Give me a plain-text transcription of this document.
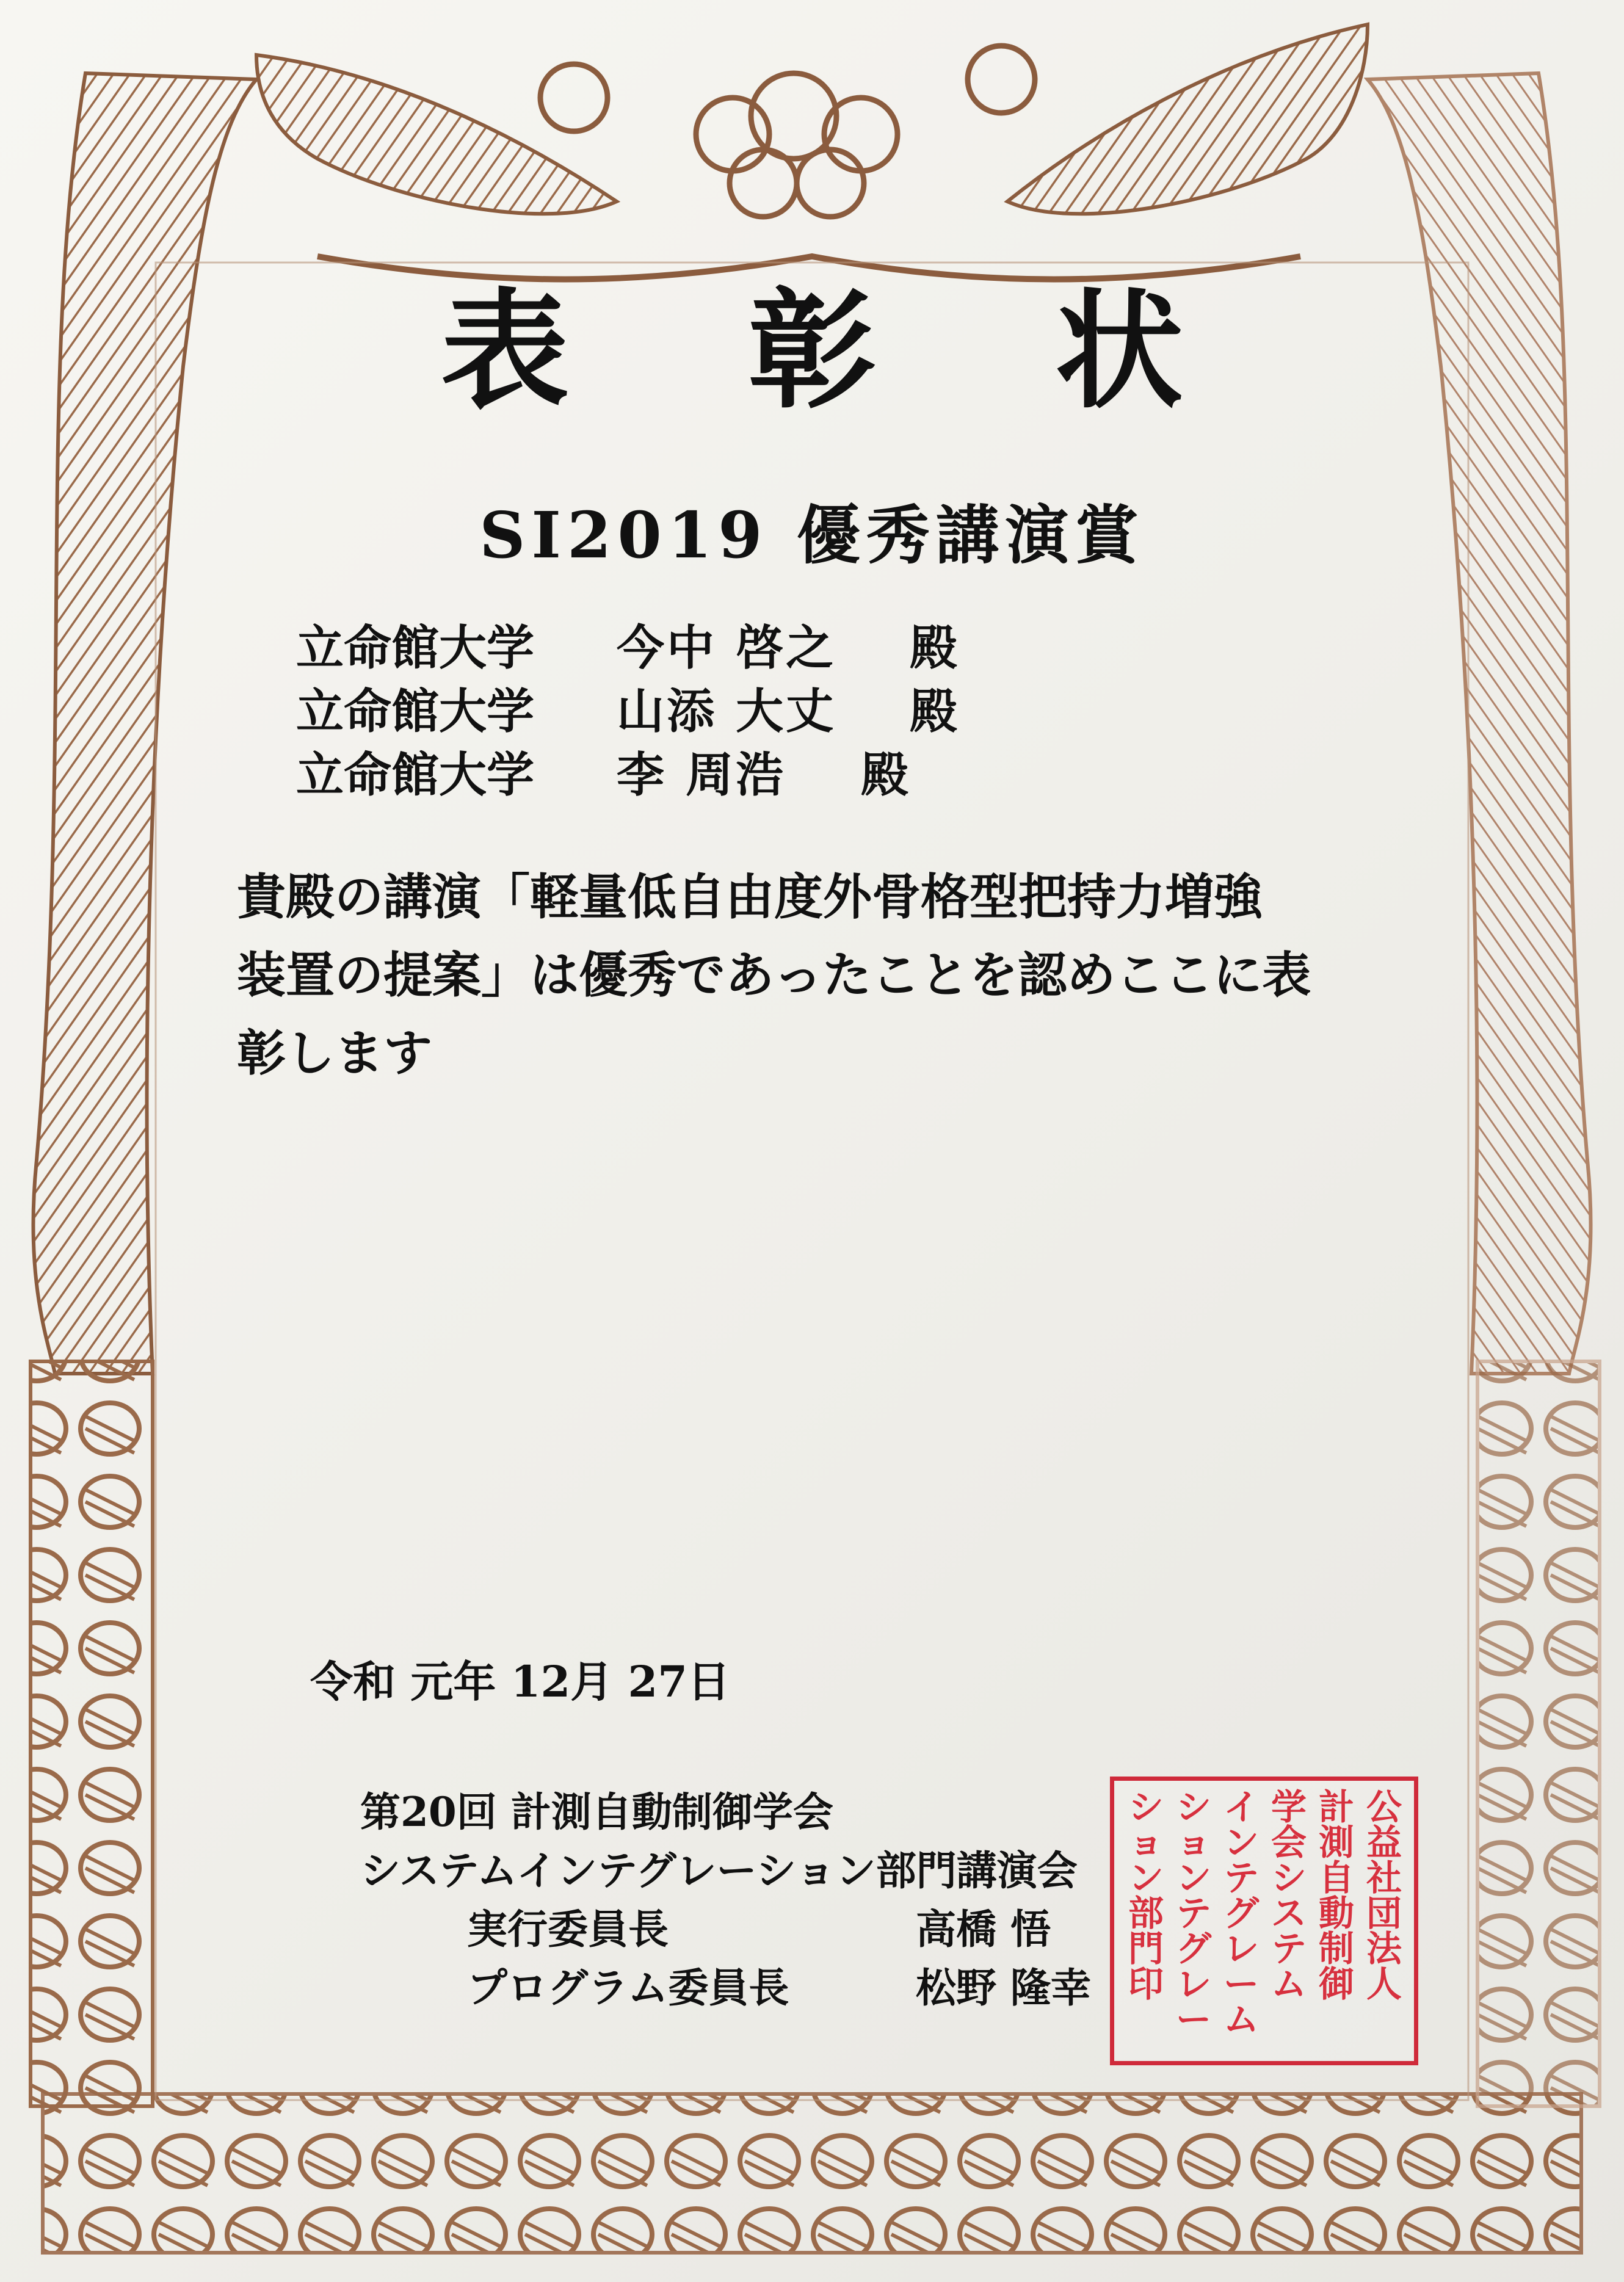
表 彰 状
SI2019 優秀講演賞
立命館大学 今中 啓之 殿
立命館大学 山添 大丈 殿
立命館大学 李 周浩 殿
貴殿の講演「軽量低自由度外骨格型把持力増強
装置の提案」は優秀であったことを認めここに表
彰します
令和 元年 12月 27日
第20回 計測自動制御学会
システムインテグレーション部門講演会
実行委員長	高橋 悟
プログラム委員長	松野 隆幸
公益社団法人
計測自動制御
学会システム
インテグレーム
ションテグレー
ション部門印
